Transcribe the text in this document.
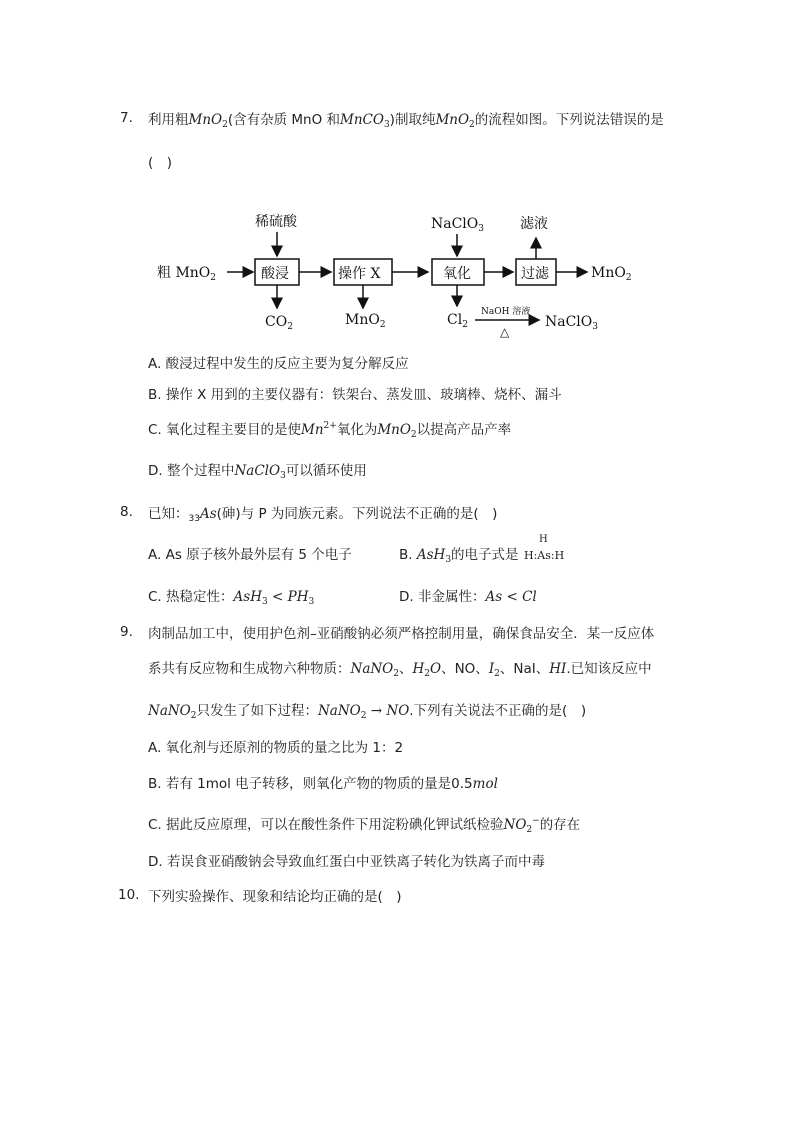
7. 利用粗MnO$_2$(含有杂质 MnO 和MnCO$_3$)制取纯MnO$_2$的流程如图。下列说法错误的是
(　)
粗 MnO$_2$
稀硫酸
酸浸
$CO_2$
操作 X
MnO$_2$
NaClO$_3$
氧化
$Cl_2$
NaOH 溶液
△
NaClO$_3$
过滤
滤液
MnO$_2$
A. 酸浸过程中发生的反应主要为复分解反应
B. 操作 X 用到的主要仪器有：铁架台、蒸发皿、玻璃棒、烧杯、漏斗
C. 氧化过程主要目的是使$Mn^{2+}$氧化为MnO$_2$以提高产品产率
D. 整个过程中NaClO$_3$可以循环使用
8. 已知：$_{33}$As(砷)与 P 为同族元素。下列说法不正确的是(　)
A. As 原子核外最外层有 5 个电子	B. AsH$_3$的电子式是
H
H:As:H
C. 热稳定性：$AsH_3 < PH_3$	D. 非金属性：As < Cl
9. 肉制品加工中，使用护色剂–亚硝酸钠必须严格控制用量，确保食品安全．某一反应体
系共有反应物和生成物六种物质：NaNO$_2$、$H_2O$、NO、$I_2$、NaI、HI.已知该反应中
NaNO$_2$只发生了如下过程：NaNO$_2$ → NO.下列有关说法不正确的是(　)
A. 氧化剂与还原剂的物质的量之比为 1：2
B. 若有 1mol 电子转移，则氧化产物的物质的量是0.5mol
C. 据此反应原理，可以在酸性条件下用淀粉碘化钾试纸检验$NO_2^-$的存在
D. 若误食亚硝酸钠会导致血红蛋白中亚铁离子转化为铁离子而中毒
10. 下列实验操作、现象和结论均正确的是(　)
